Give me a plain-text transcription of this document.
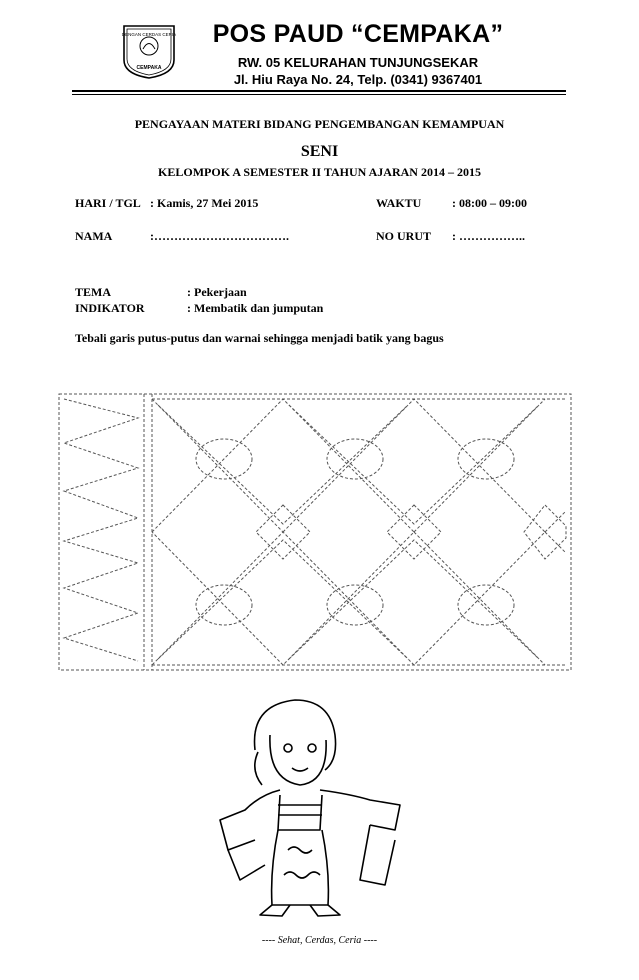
DENGAN CERDAS CERIA
CEMPAKA
POS PAUD “CEMPAKA”
RW. 05 KELURAHAN TUNJUNGSEKAR
Jl. Hiu Raya No. 24, Telp. (0341) 9367401
PENGAYAAN MATERI BIDANG PENGEMBANGAN KEMAMPUAN
SENI
KELOMPOK A SEMESTER II TAHUN AJARAN 2014 – 2015
HARI / TGL : Kamis, 27 Mei 2015	WAKTU	: 08:00 – 09:00
NAMA	:…………………………….	NO URUT : ……………..
TEMA	: Pekerjaan
INDIKATOR	: Membatik dan jumputan
Tebali garis putus-putus dan warnai sehingga menjadi batik yang bagus
---- Sehat, Cerdas, Ceria ----
